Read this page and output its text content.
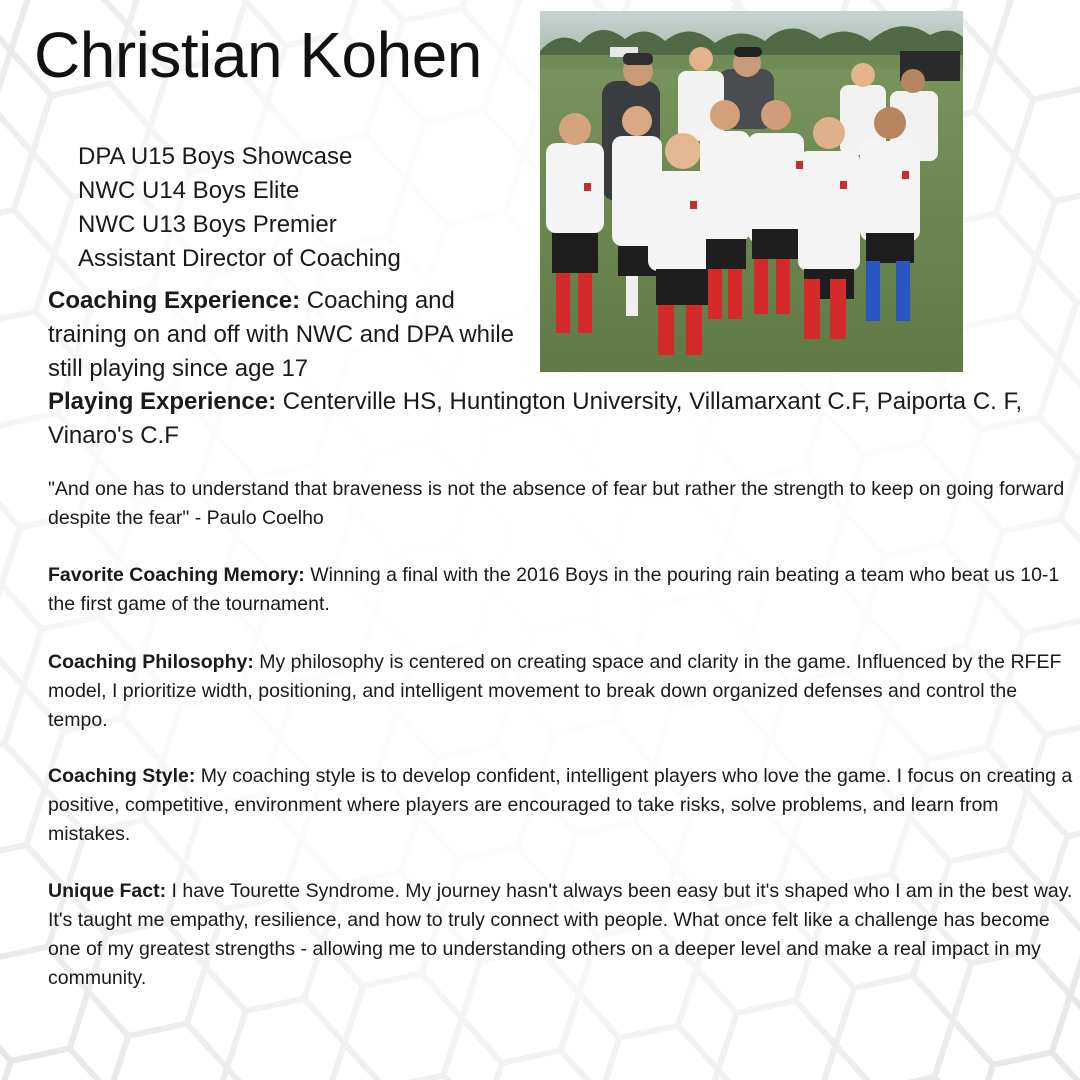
Christian Kohen
DPA U15 Boys Showcase
NWC U14 Boys Elite
NWC U13 Boys Premier
Assistant Director of Coaching

Coaching Experience: Coaching and training on and off with NWC and DPA while still playing since age 17

Playing Experience: Centerville HS, Huntington University, Villamarxant C.F, Paiporta C. F, Vinaro's C.F

"And one has to understand that braveness is not the absence of fear but rather the strength to keep on going forward despite the fear" - Paulo Coelho

Favorite Coaching Memory: Winning a final with the 2016 Boys in the pouring rain beating a team who beat us 10-1 the first game of the tournament.

Coaching Philosophy: My philosophy is centered on creating space and clarity in the game. Influenced by the RFEF model, I prioritize width, positioning, and intelligent movement to break down organized defenses and control the tempo.

Coaching Style: My coaching style is to develop confident, intelligent players who love the game. I focus on creating a positive, competitive, environment where players are encouraged to take risks, solve problems, and learn from mistakes.

Unique Fact: I have Tourette Syndrome. My journey hasn't always been easy but it's shaped who I am in the best way. It's taught me empathy, resilience, and how to truly connect with people. What once felt like a challenge has become one of my greatest strengths - allowing me to understanding others on a deeper level and make a real impact in my community.
